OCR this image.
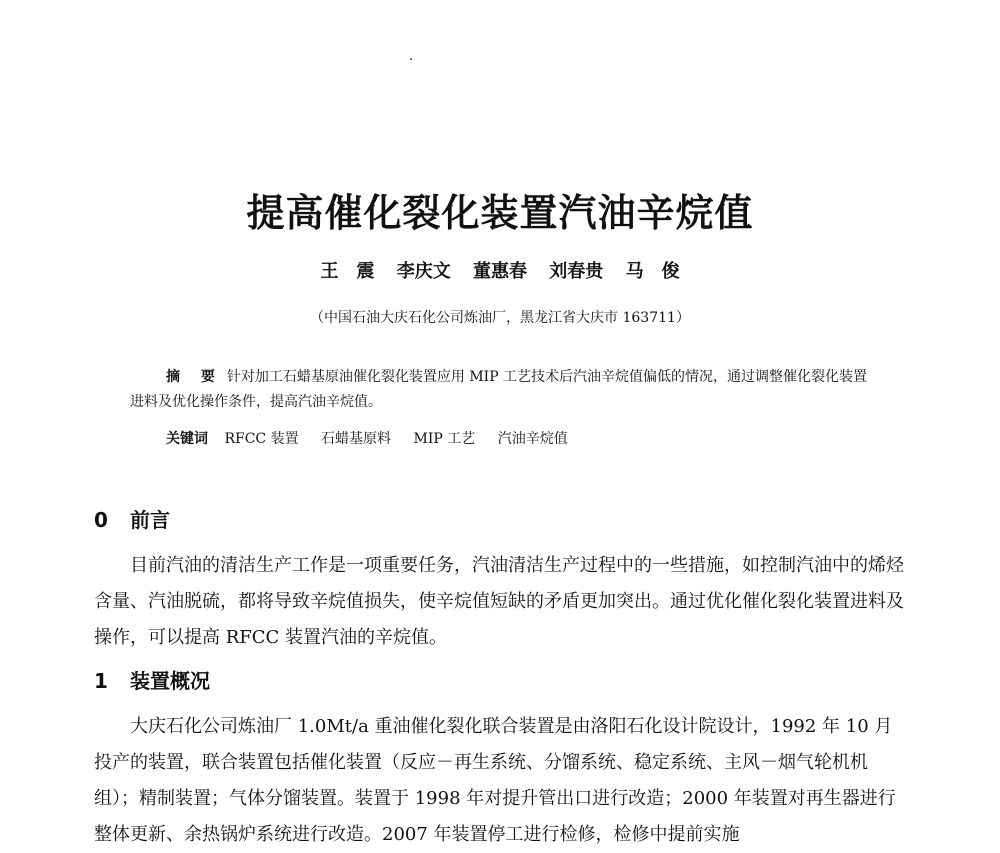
提高催化裂化装置汽油辛烷值
王　震 李庆文 董惠春 刘春贵 马　俊
（中国石油大庆石化公司炼油厂，黑龙江省大庆市 163711）
摘 要 针对加工石蜡基原油催化裂化装置应用 MIP 工艺技术后汽油辛烷值偏低的情况，通过调整催化裂化装置进料及优化操作条件，提高汽油辛烷值。
关键词 RFCC 装置 石蜡基原料 MIP 工艺 汽油辛烷值
0 前言
目前汽油的清洁生产工作是一项重要任务，汽油清洁生产过程中的一些措施，如控制汽油中的烯烃含量、汽油脱硫，都将导致辛烷值损失，使辛烷值短缺的矛盾更加突出。通过优化催化裂化装置进料及操作，可以提高 RFCC 装置汽油的辛烷值。
1 装置概况
大庆石化公司炼油厂 1.0Mt/a 重油催化裂化联合装置是由洛阳石化设计院设计，1992 年 10 月投产的装置，联合装置包括催化装置（反应－再生系统、分馏系统、稳定系统、主风－烟气轮机机组）；精制装置；气体分馏装置。装置于 1998 年对提升管出口进行改造；2000 年装置对再生器进行整体更新、余热锅炉系统进行改造。2007 年装置停工进行检修，检修中提前实施
